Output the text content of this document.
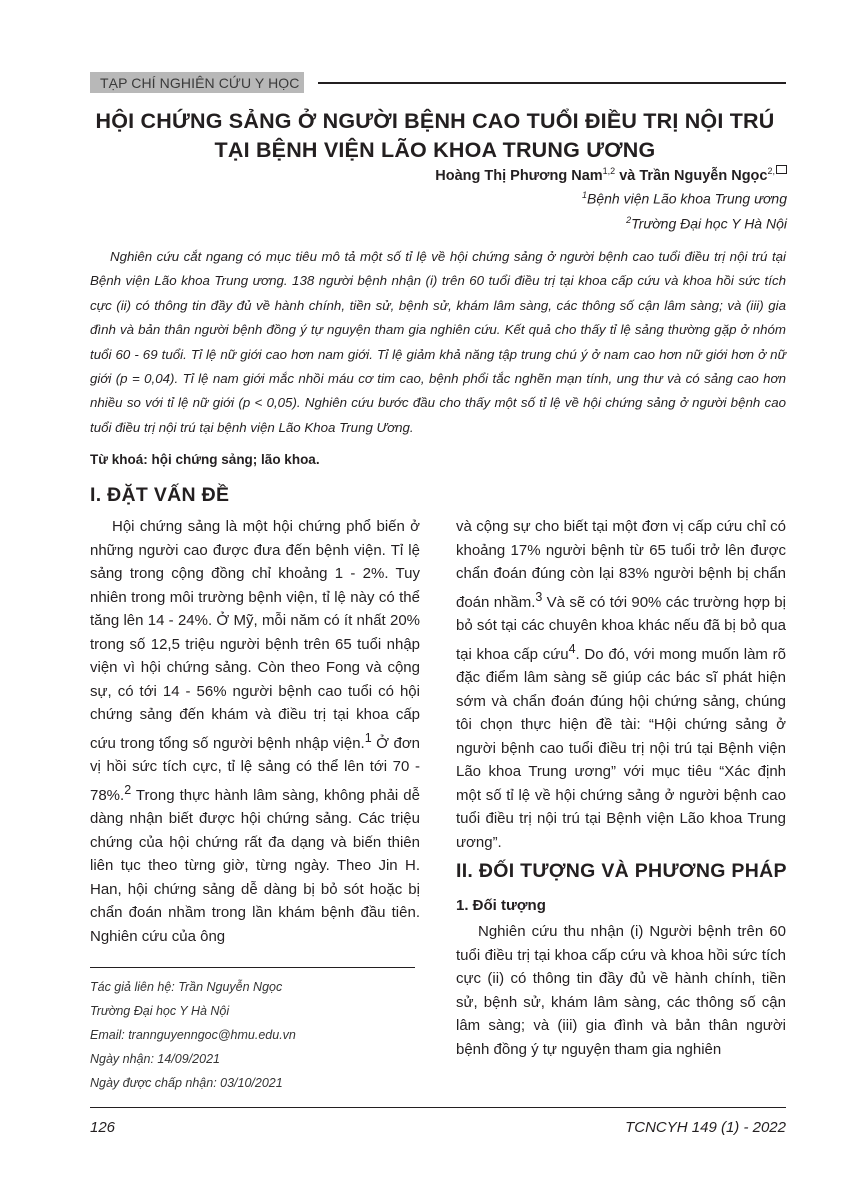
TẠP CHÍ NGHIÊN CỨU Y HỌC
HỘI CHỨNG SẢNG Ở NGƯỜI BỆNH CAO TUỔI ĐIỀU TRỊ NỘI TRÚ
TẠI BỆNH VIỆN LÃO KHOA TRUNG ƯƠNG
Hoàng Thị Phương Nam$^{1,2}$ và Trần Nguyễn Ngọc$^{2,}$
$^1$Bệnh viện Lão khoa Trung ương
$^2$Trường Đại học Y Hà Nội

Nghiên cứu cắt ngang có mục tiêu mô tả một số tỉ lệ về hội chứng sảng ở người bệnh cao tuổi điều trị nội trú tại Bệnh viện Lão khoa Trung ương. 138 người bệnh nhận (i) trên 60 tuổi điều trị tại khoa cấp cứu và khoa hồi sức tích cực (ii) có thông tin đầy đủ về hành chính, tiền sử, bệnh sử, khám lâm sàng, các thông số cận lâm sàng; và (iii) gia đình và bản thân người bệnh đồng ý tự nguyện tham gia nghiên cứu. Kết quả cho thấy tỉ lệ sảng thường gặp ở nhóm tuổi 60 - 69 tuổi. Tỉ lệ nữ giới cao hơn nam giới. Tỉ lệ giảm khả năng tập trung chú ý ở nam cao hơn nữ giới hơn ở nữ giới (p = 0,04). Tỉ lệ nam giới mắc nhồi máu cơ tim cao, bệnh phổi tắc nghẽn mạn tính, ung thư và có sảng cao hơn nhiều so với tỉ lệ nữ giới (p < 0,05). Nghiên cứu bước đầu cho thấy một số tỉ lệ về hội chứng sảng ở người bệnh cao tuổi điều trị nội trú tại bệnh viện Lão Khoa Trung Ương.

Từ khoá: hội chứng sảng; lão khoa.
I. ĐẶT VẤN ĐỀ

Hội chứng sảng là một hội chứng phổ biến ở những người cao được đưa đến bệnh viện. Tỉ lệ sảng trong cộng đồng chỉ khoảng 1 - 2%. Tuy nhiên trong môi trường bệnh viện, tỉ lệ này có thể tăng lên 14 - 24%. Ở Mỹ, mỗi năm có ít nhất 20% trong số 12,5 triệu người bệnh trên 65 tuổi nhập viện vì hội chứng sảng. Còn theo Fong và cộng sự, có tới 14 - 56% người bệnh cao tuổi có hội chứng sảng đến khám và điều trị tại khoa cấp cứu trong tổng số người bệnh nhập viện.$^1$ Ở đơn vị hồi sức tích cực, tỉ lệ sảng có thể lên tới 70 - 78%.$^2$ Trong thực hành lâm sàng, không phải dễ dàng nhận biết được hội chứng sảng. Các triệu chứng của hội chứng rất đa dạng và biến thiên liên tục theo từng giờ, từng ngày. Theo Jin H. Han, hội chứng sảng dễ dàng bị bỏ sót hoặc bị chẩn đoán nhầm trong lần khám bệnh đầu tiên. Nghiên cứu của ông

và cộng sự cho biết tại một đơn vị cấp cứu chỉ có khoảng 17% người bệnh từ 65 tuổi trở lên được chẩn đoán đúng còn lại 83% người bệnh bị chẩn đoán nhầm.$^3$ Và sẽ có tới 90% các trường hợp bị bỏ sót tại các chuyên khoa khác nếu đã bị bỏ qua tại khoa cấp cứu$^4$. Do đó, với mong muốn làm rõ đặc điểm lâm sàng sẽ giúp các bác sĩ phát hiện sớm và chẩn đoán đúng hội chứng sảng, chúng tôi chọn thực hiện đề tài: “Hội chứng sảng ở người bệnh cao tuổi điều trị nội trú tại Bệnh viện Lão khoa Trung ương” với mục tiêu “Xác định một số tỉ lệ về hội chứng sảng ở người bệnh cao tuổi điều trị nội trú tại Bệnh viện Lão khoa Trung ương”.

II. ĐỐI TƯỢNG VÀ PHƯƠNG PHÁP
1. Đối tượng

Nghiên cứu thu nhận (i) Người bệnh trên 60 tuổi điều trị tại khoa cấp cứu và khoa hồi sức tích cực (ii) có thông tin đầy đủ về hành chính, tiền sử, bệnh sử, khám lâm sàng, các thông số cận lâm sàng; và (iii) gia đình và bản thân người bệnh đồng ý tự nguyện tham gia nghiên

Tác giả liên hệ: Trần Nguyễn Ngọc
Trường Đại học Y Hà Nội
Email: trannguyenngoc@hmu.edu.vn
Ngày nhận: 14/09/2021
Ngày được chấp nhận: 03/10/2021
126	TCNCYH 149 (1) - 2022
